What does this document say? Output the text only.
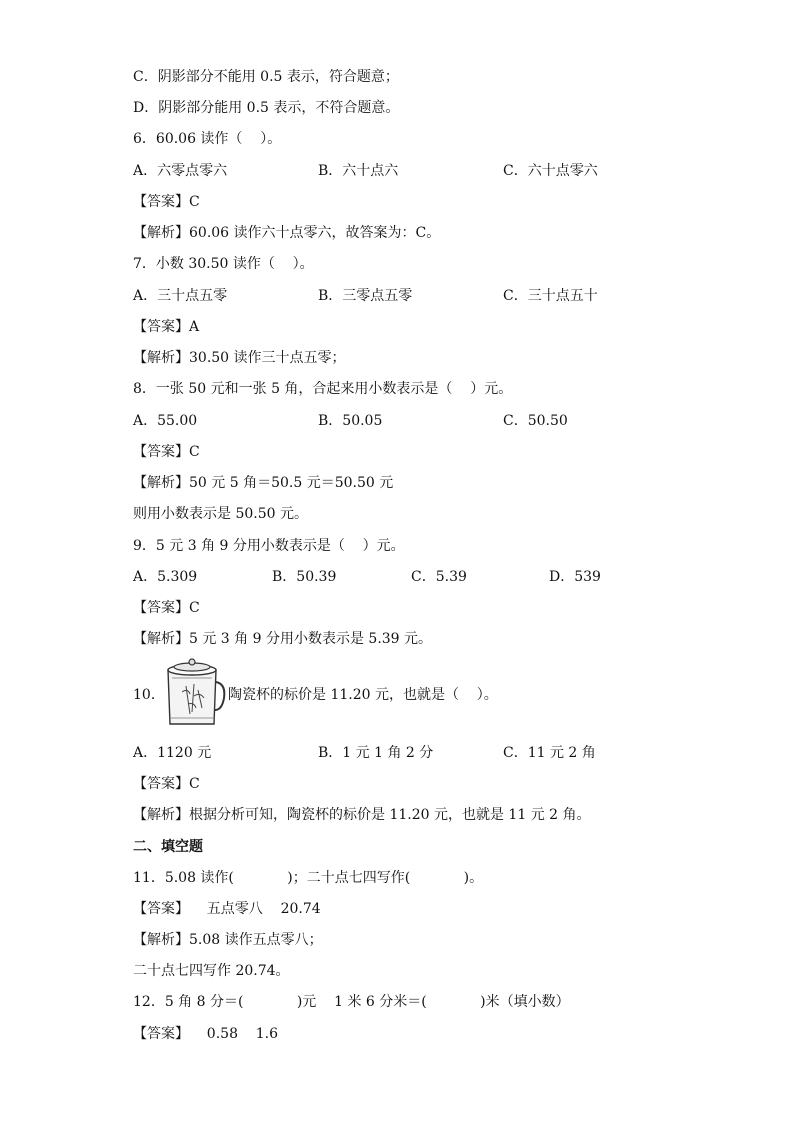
C．阴影部分不能用 0.5 表示，符合题意；
D．阴影部分能用 0.5 表示，不符合题意。
6．60.06 读作（    ）。
A．六零点零六	B．六十点六	C．六十点零六
【答案】C
【解析】60.06 读作六十点零六，故答案为：C。
7．小数 30.50 读作（    ）。
A．三十点五零	B．三零点五零	C．三十点五十
【答案】A
【解析】30.50 读作三十点五零；
8．一张 50 元和一张 5 角，合起来用小数表示是（    ）元。
A．55.00	B．50.05	C．50.50
【答案】C
【解析】50 元 5 角＝50.5 元＝50.50 元
则用小数表示是 50.50 元。
9．5 元 3 角 9 分用小数表示是（    ）元。
A．5.309	B．50.39	C．5.39	D．539
【答案】C
【解析】5 元 3 角 9 分用小数表示是 5.39 元。
10．	陶瓷杯的标价是 11.20 元，也就是（    ）。
A．1120 元	B．1 元 1 角 2 分	C．11 元 2 角
【答案】C
【解析】根据分析可知，陶瓷杯的标价是 11.20 元，也就是 11 元 2 角。
二、填空题
11．5.08 读作(            )；二十点七四写作(            )。
【答案】    五点零八    20.74
【解析】5.08 读作五点零八；
二十点七四写作 20.74。
12．5 角 8 分＝(            )元    1 米 6 分米＝(            )米（填小数）
【答案】    0.58    1.6
